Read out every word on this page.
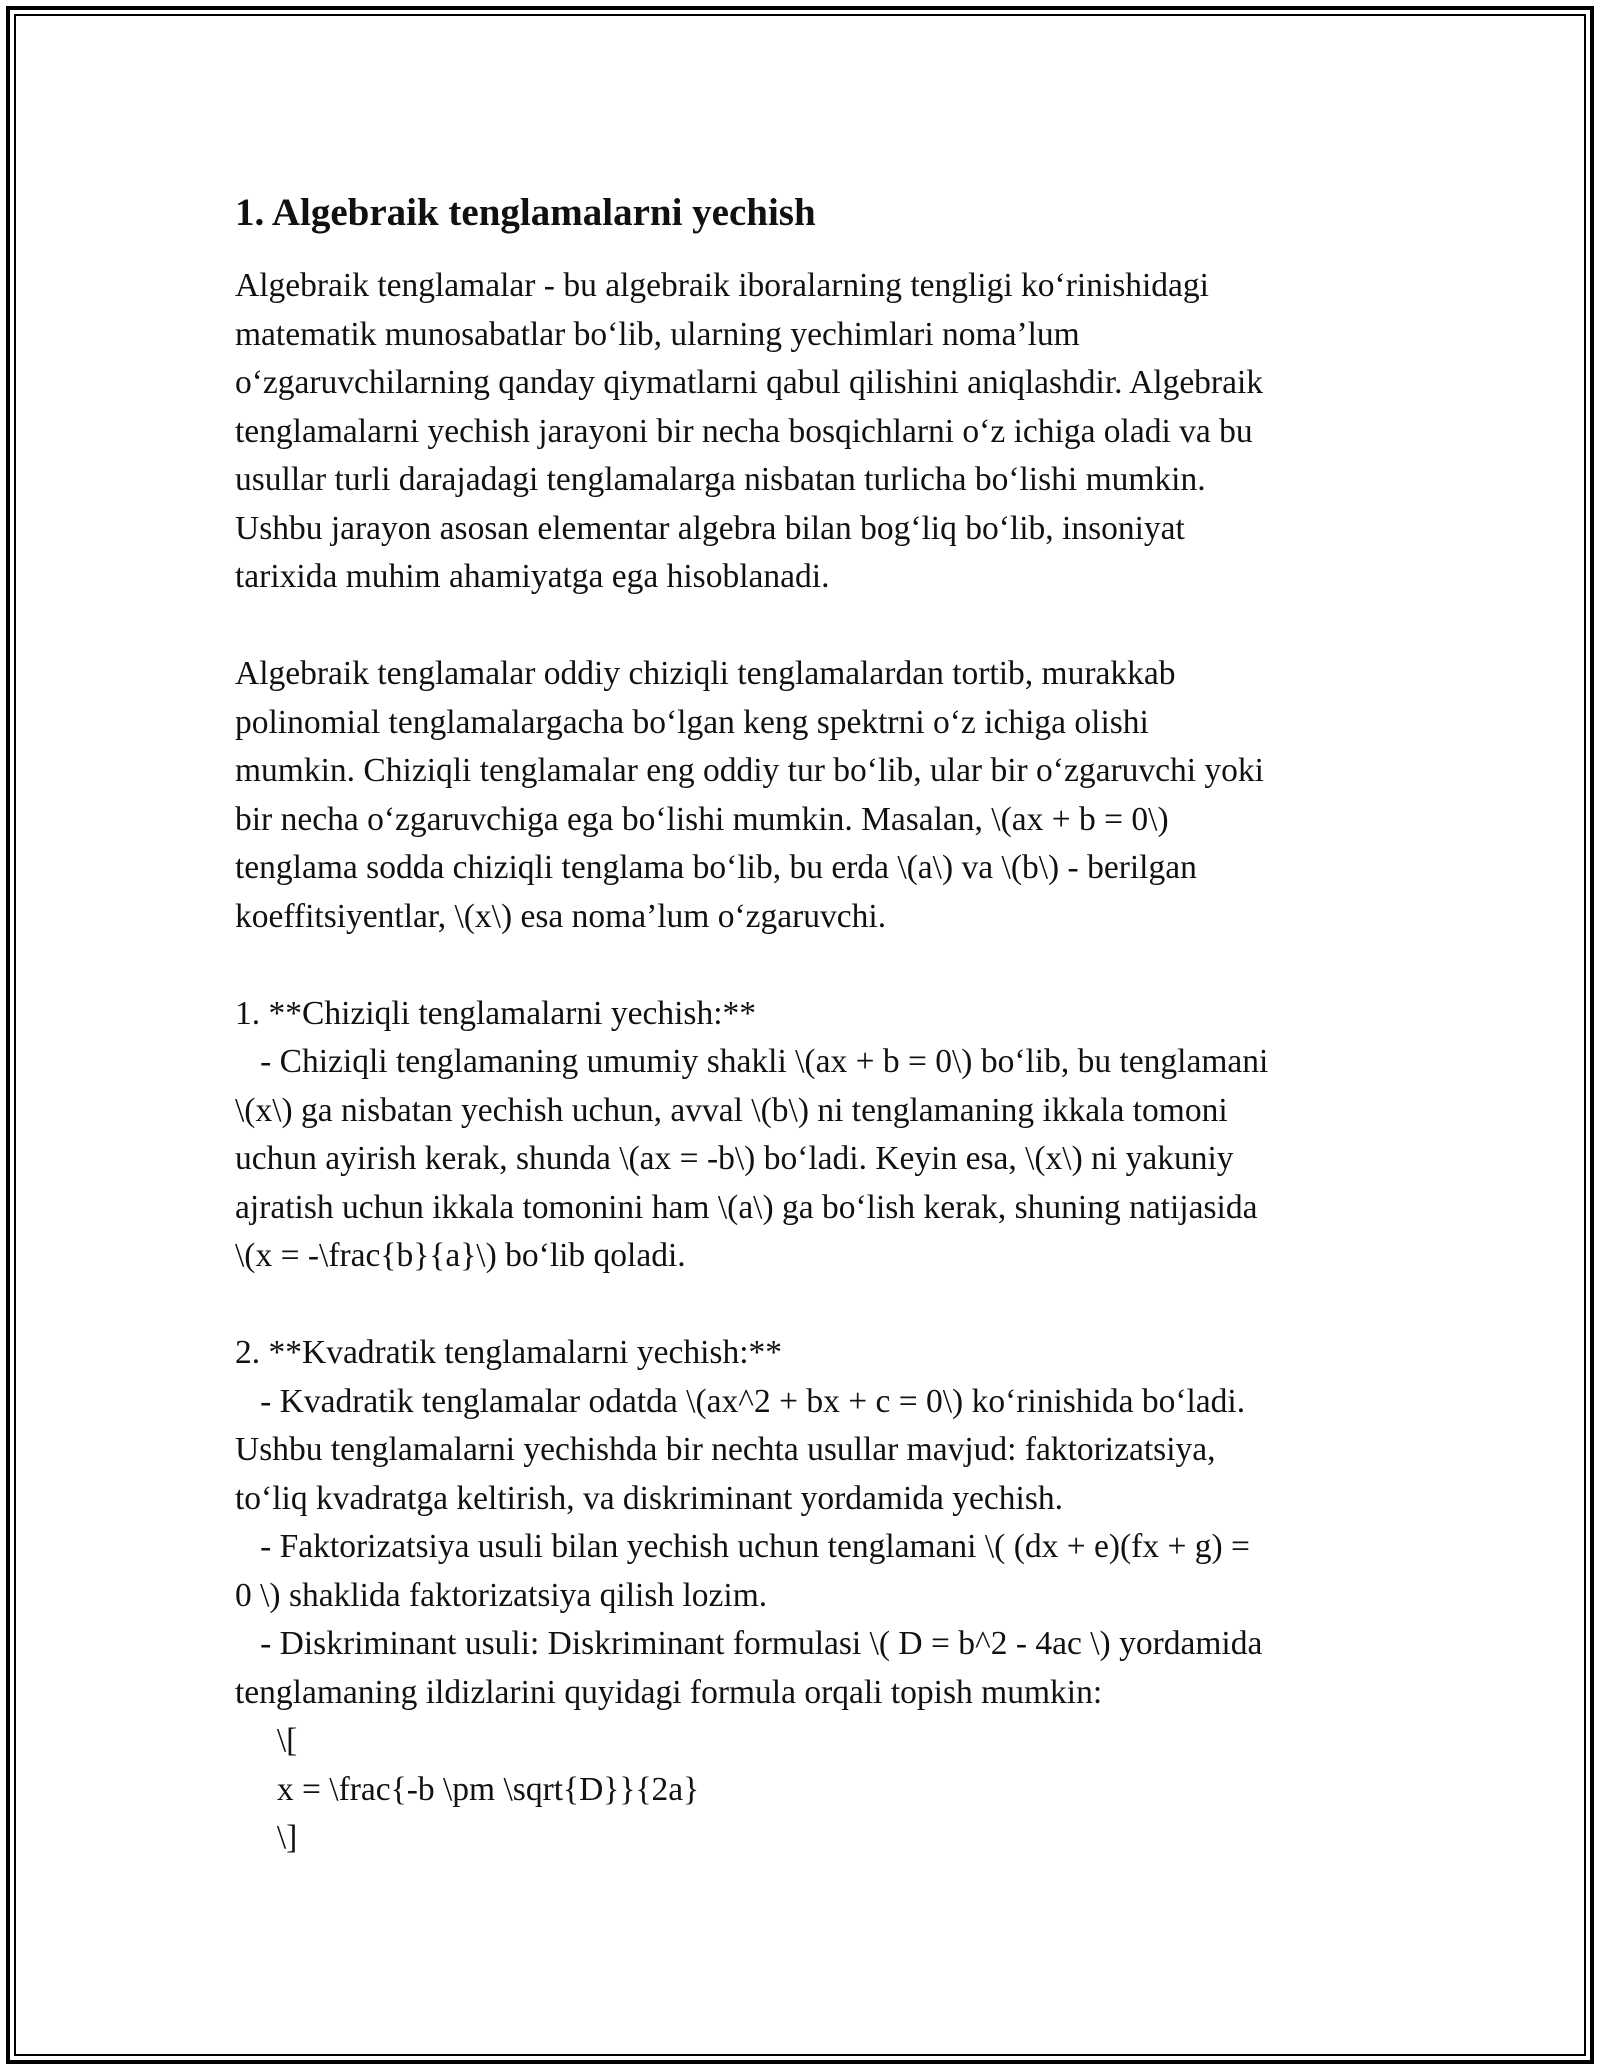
1. Algebraik tenglamalarni yechish

Algebraik tenglamalar - bu algebraik iboralarning tengligi ko‘rinishidagi
matematik munosabatlar bo‘lib, ularning yechimlari noma’lum
o‘zgaruvchilarning qanday qiymatlarni qabul qilishini aniqlashdir. Algebraik
tenglamalarni yechish jarayoni bir necha bosqichlarni o‘z ichiga oladi va bu
usullar turli darajadagi tenglamalarga nisbatan turlicha bo‘lishi mumkin.
Ushbu jarayon asosan elementar algebra bilan bog‘liq bo‘lib, insoniyat
tarixida muhim ahamiyatga ega hisoblanadi.

Algebraik tenglamalar oddiy chiziqli tenglamalardan tortib, murakkab
polinomial tenglamalargacha bo‘lgan keng spektrni o‘z ichiga olishi
mumkin. Chiziqli tenglamalar eng oddiy tur bo‘lib, ular bir o‘zgaruvchi yoki
bir necha o‘zgaruvchiga ega bo‘lishi mumkin. Masalan, \(ax + b = 0\)
tenglama sodda chiziqli tenglama bo‘lib, bu erda \(a\) va \(b\) - berilgan
koeffitsiyentlar, \(x\) esa noma’lum o‘zgaruvchi.

1. **Chiziqli tenglamalarni yechish:**
- Chiziqli tenglamaning umumiy shakli \(ax + b = 0\) bo‘lib, bu tenglamani
\(x\) ga nisbatan yechish uchun, avval \(b\) ni tenglamaning ikkala tomoni
uchun ayirish kerak, shunda \(ax = -b\) bo‘ladi. Keyin esa, \(x\) ni yakuniy
ajratish uchun ikkala tomonini ham \(a\) ga bo‘lish kerak, shuning natijasida
\(x = -\frac{b}{a}\) bo‘lib qoladi.

2. **Kvadratik tenglamalarni yechish:**
- Kvadratik tenglamalar odatda \(ax^2 + bx + c = 0\) ko‘rinishida bo‘ladi.
Ushbu tenglamalarni yechishda bir nechta usullar mavjud: faktorizatsiya,
to‘liq kvadratga keltirish, va diskriminant yordamida yechish.
- Faktorizatsiya usuli bilan yechish uchun tenglamani \( (dx + e)(fx + g) =
0 \) shaklida faktorizatsiya qilish lozim.
- Diskriminant usuli: Diskriminant formulasi \( D = b^2 - 4ac \) yordamida
tenglamaning ildizlarini quyidagi formula orqali topish mumkin:
\[
x = \frac{-b \pm \sqrt{D}}{2a}
\]
